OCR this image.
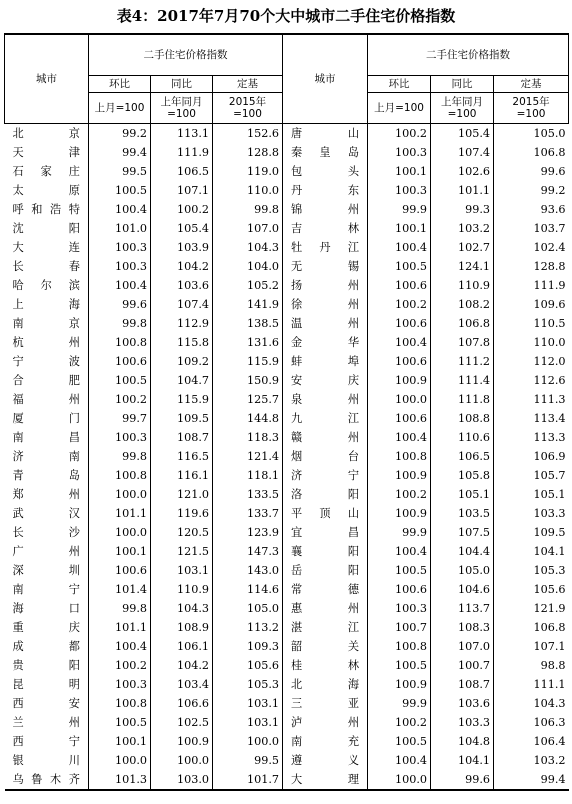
表4：2017年7月70个大中城市二手住宅价格指数
城市	二手住宅价格指数			城市	二手住宅价格指数		
	环比	同比	定基		环比	同比	定基
	上月=100	上年同月=100	2015年=100		上月=100	上年同月=100	2015年=100
北京	99.2	113.1	152.6	唐山	100.2	105.4	105.0
天津	99.4	111.9	128.8	秦皇岛	100.3	107.4	106.8
石家庄	99.5	106.5	119.0	包头	100.1	102.6	99.6
太原	100.5	107.1	110.0	丹东	100.3	101.1	99.2
呼和浩特	100.4	100.2	99.8	锦州	99.9	99.3	93.6
沈阳	101.0	105.4	107.0	吉林	100.1	103.2	103.7
大连	100.3	103.9	104.3	牡丹江	100.4	102.7	102.4
长春	100.3	104.2	104.0	无锡	100.5	124.1	128.8
哈尔滨	100.4	103.6	105.2	扬州	100.6	110.9	111.9
上海	99.6	107.4	141.9	徐州	100.2	108.2	109.6
南京	99.8	112.9	138.5	温州	100.6	106.8	110.5
杭州	100.8	115.8	131.6	金华	100.4	107.8	110.0
宁波	100.6	109.2	115.9	蚌埠	100.6	111.2	112.0
合肥	100.5	104.7	150.9	安庆	100.9	111.4	112.6
福州	100.2	115.9	125.7	泉州	100.0	111.8	111.3
厦门	99.7	109.5	144.8	九江	100.6	108.8	113.4
南昌	100.3	108.7	118.3	赣州	100.4	110.6	113.3
济南	99.8	116.5	121.4	烟台	100.8	106.5	106.9
青岛	100.8	116.1	118.1	济宁	100.9	105.8	105.7
郑州	100.0	121.0	133.5	洛阳	100.2	105.1	105.1
武汉	101.1	119.6	133.7	平顶山	100.9	103.5	103.3
长沙	100.0	120.5	123.9	宜昌	99.9	107.5	109.5
广州	100.1	121.5	147.3	襄阳	100.4	104.4	104.1
深圳	100.6	103.1	143.0	岳阳	100.5	105.0	105.3
南宁	101.4	110.9	114.6	常德	100.6	104.6	105.6
海口	99.8	104.3	105.0	惠州	100.3	113.7	121.9
重庆	101.1	108.9	113.2	湛江	100.7	108.3	106.8
成都	100.4	106.1	109.3	韶关	100.8	107.0	107.1
贵阳	100.2	104.2	105.6	桂林	100.5	100.7	98.8
昆明	100.3	103.4	105.3	北海	100.9	108.7	111.1
西安	100.8	106.6	103.1	三亚	99.9	103.6	104.3
兰州	100.5	102.5	103.1	泸州	100.2	103.3	106.3
西宁	100.1	100.9	100.0	南充	100.5	104.8	106.4
银川	100.0	100.0	99.5	遵义	100.4	104.1	103.2
乌鲁木齐	101.3	103.0	101.7	大理	100.0	99.6	99.4
